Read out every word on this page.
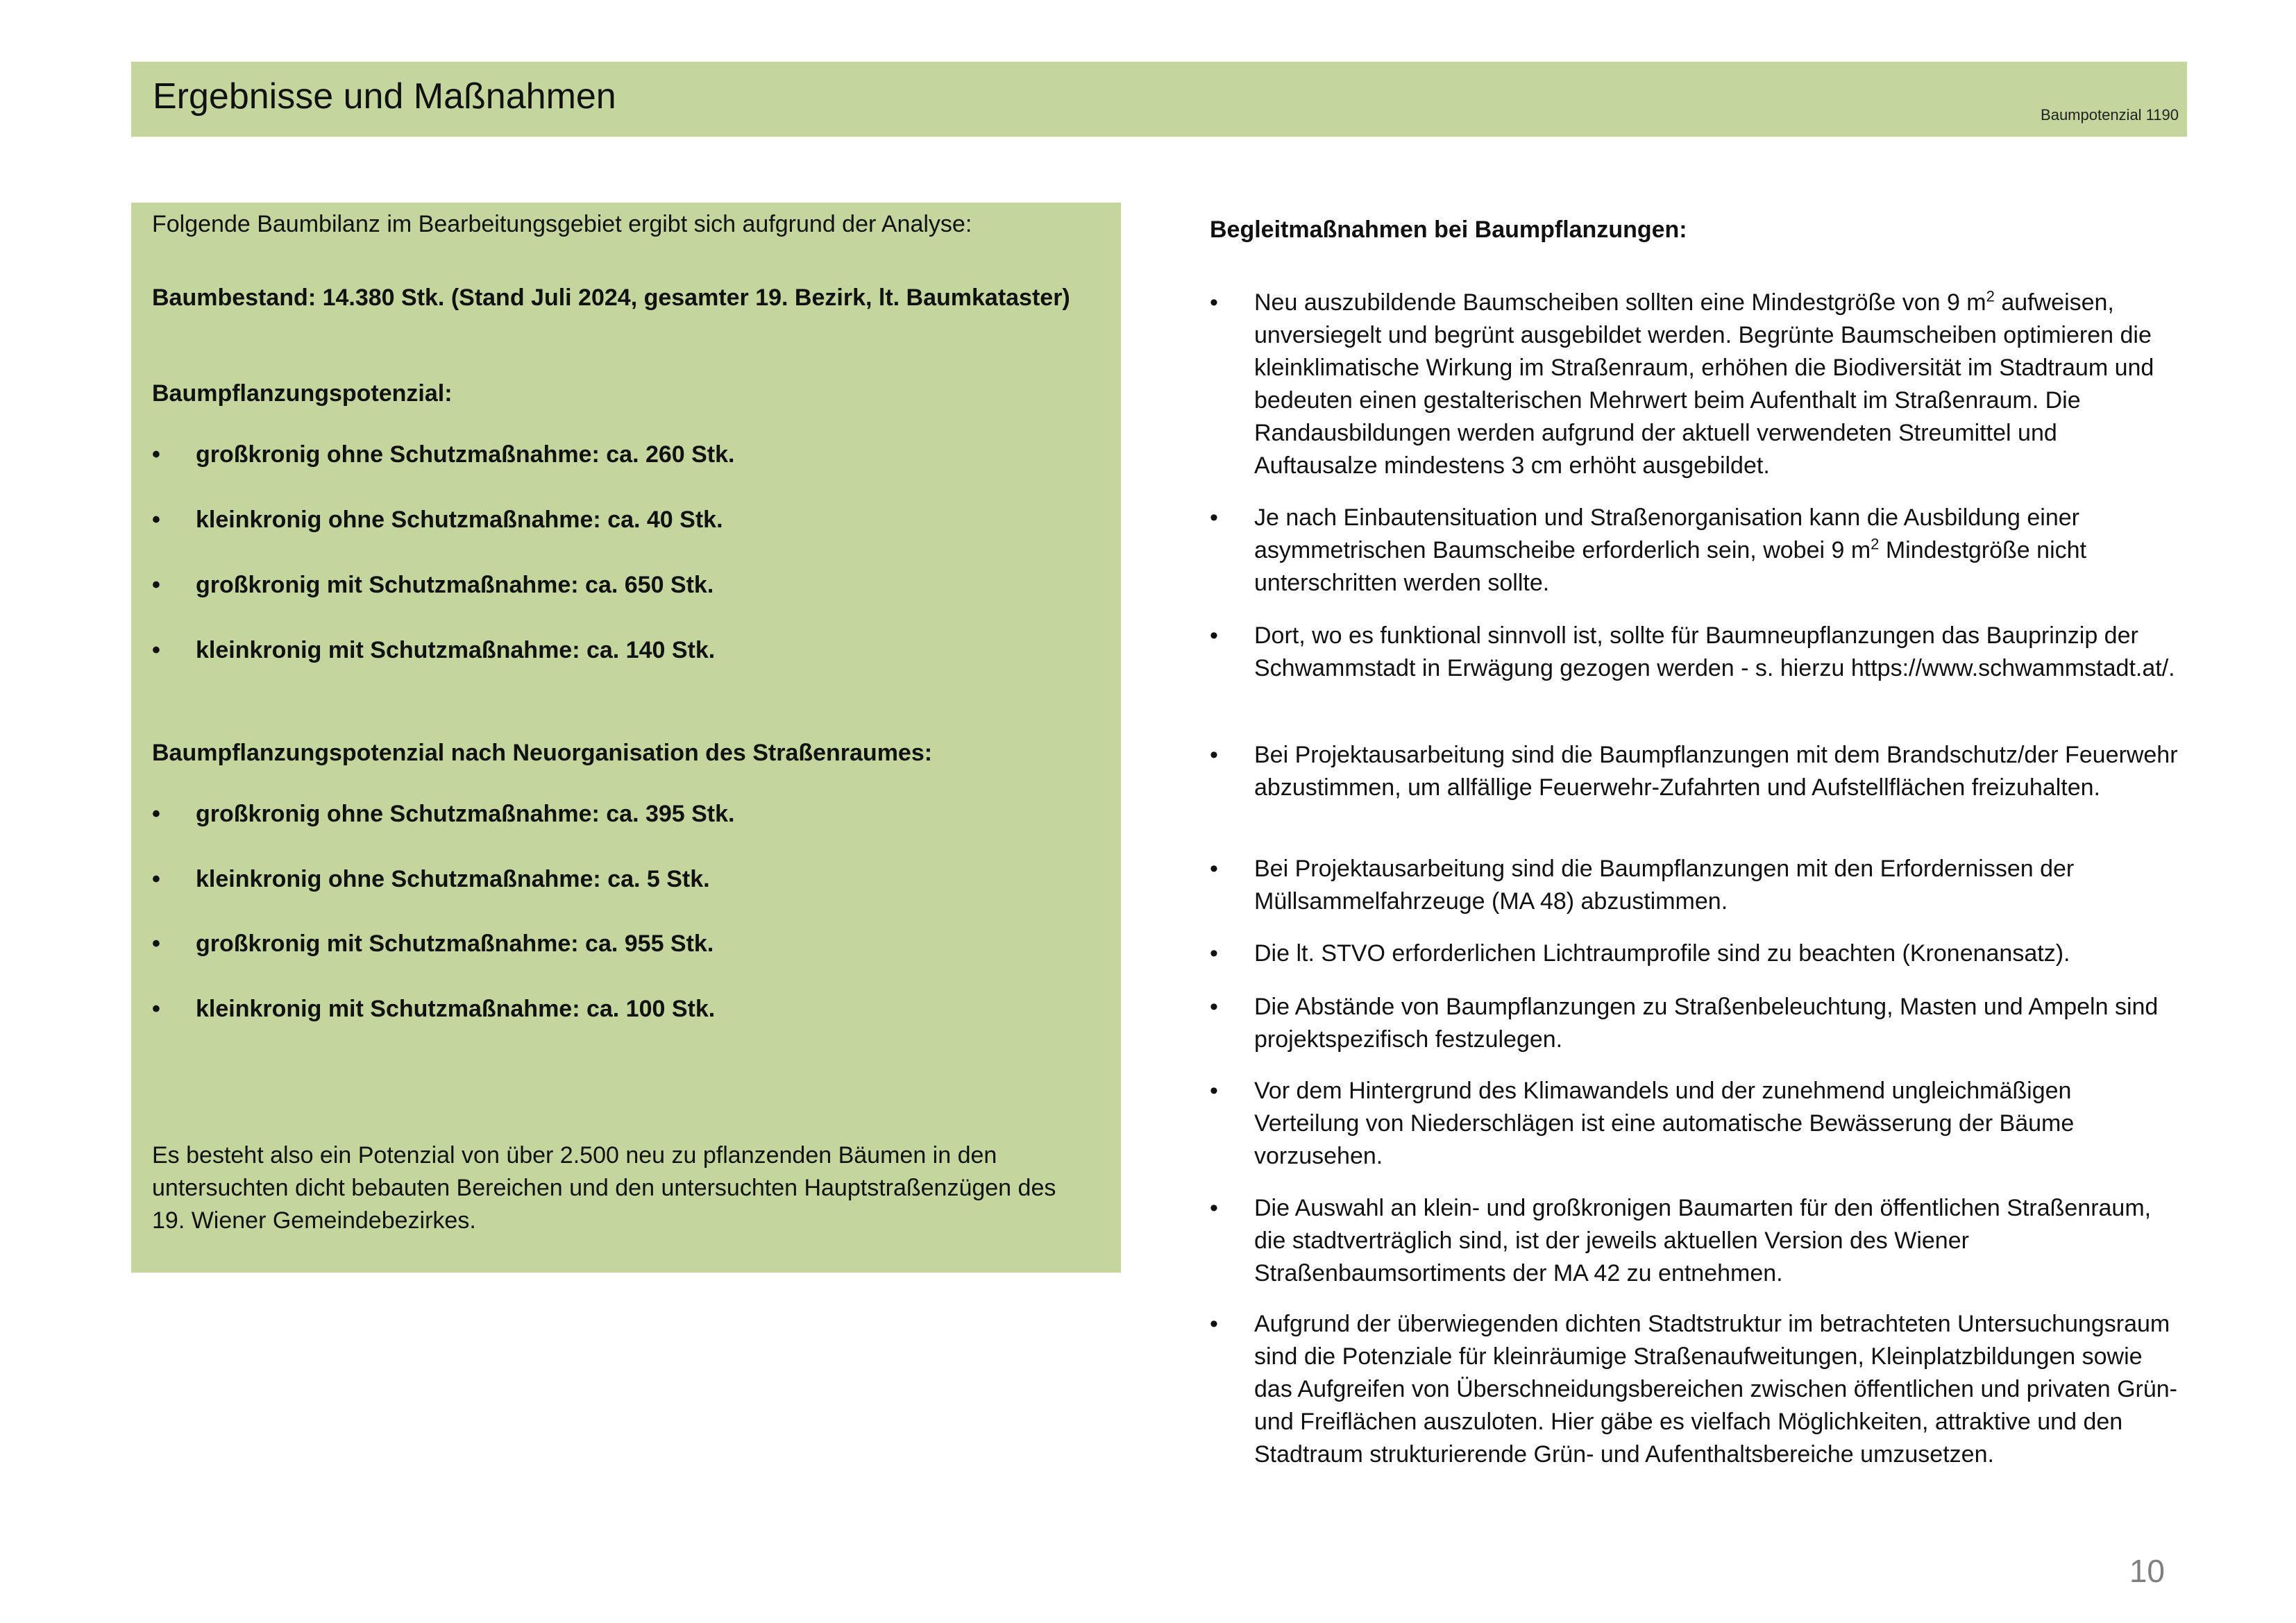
Ergebnisse und Maßnahmen	Baumpotenzial 1190
Folgende Baumbilanz im Bearbeitungsgebiet ergibt sich aufgrund der Analyse:
Baumbestand: 14.380 Stk. (Stand Juli 2024, gesamter 19. Bezirk, lt. Baumkataster)
Baumpflanzungspotenzial:
• großkronig ohne Schutzmaßnahme: ca. 260 Stk.
• kleinkronig ohne Schutzmaßnahme: ca. 40 Stk.
• großkronig mit Schutzmaßnahme: ca. 650 Stk.
• kleinkronig mit Schutzmaßnahme: ca. 140 Stk.
Baumpflanzungspotenzial nach Neuorganisation des Straßenraumes:
• großkronig ohne Schutzmaßnahme: ca. 395 Stk.
• kleinkronig ohne Schutzmaßnahme: ca. 5 Stk.
• großkronig mit Schutzmaßnahme: ca. 955 Stk.
• kleinkronig mit Schutzmaßnahme: ca. 100 Stk.
Es besteht also ein Potenzial von über 2.500 neu zu pflanzenden Bäumen in den untersuchten dicht bebauten Bereichen und den untersuchten Hauptstraßenzügen des 19. Wiener Gemeindebezirkes.
Begleitmaßnahmen bei Baumpflanzungen:
• Neu auszubildende Baumscheiben sollten eine Mindestgröße von 9 $m^2$ aufweisen, unversiegelt und begrünt ausgebildet werden. Begrünte Baumscheiben optimieren die kleinklimatische Wirkung im Straßenraum, erhöhen die Biodiversität im Stadtraum und bedeuten einen gestalterischen Mehrwert beim Aufenthalt im Straßenraum. Die Randausbildungen werden aufgrund der aktuell verwendeten Streumittel und Auftausalze mindestens 3 cm erhöht ausgebildet.
• Je nach Einbautensituation und Straßenorganisation kann die Ausbildung einer asymmetrischen Baumscheibe erforderlich sein, wobei 9 $m^2$ Mindestgröße nicht unterschritten werden sollte.
• Dort, wo es funktional sinnvoll ist, sollte für Baumneupflanzungen das Bauprinzip der Schwammstadt in Erwägung gezogen werden - s. hierzu https://www.schwammstadt.at/.
• Bei Projektausarbeitung sind die Baumpflanzungen mit dem Brandschutz/der Feuerwehr abzustimmen, um allfällige Feuerwehr-Zufahrten und Aufstellflächen freizuhalten.
• Bei Projektausarbeitung sind die Baumpflanzungen mit den Erfordernissen der Müllsammelfahrzeuge (MA 48) abzustimmen.
• Die lt. STVO erforderlichen Lichtraumprofile sind zu beachten (Kronenansatz).
• Die Abstände von Baumpflanzungen zu Straßenbeleuchtung, Masten und Ampeln sind projektspezifisch festzulegen.
• Vor dem Hintergrund des Klimawandels und der zunehmend ungleichmäßigen Verteilung von Niederschlägen ist eine automatische Bewässerung der Bäume vorzusehen.
• Die Auswahl an klein- und großkronigen Baumarten für den öffentlichen Straßenraum, die stadtverträglich sind, ist der jeweils aktuellen Version des Wiener Straßenbaumsortiments der MA 42 zu entnehmen.
• Aufgrund der überwiegenden dichten Stadtstruktur im betrachteten Untersuchungsraum sind die Potenziale für kleinräumige Straßenaufweitungen, Kleinplatzbildungen sowie das Aufgreifen von Überschneidungsbereichen zwischen öffentlichen und privaten Grün- und Freiflächen auszuloten. Hier gäbe es vielfach Möglichkeiten, attraktive und den Stadtraum strukturierende Grün- und Aufenthaltsbereiche umzusetzen.
10
